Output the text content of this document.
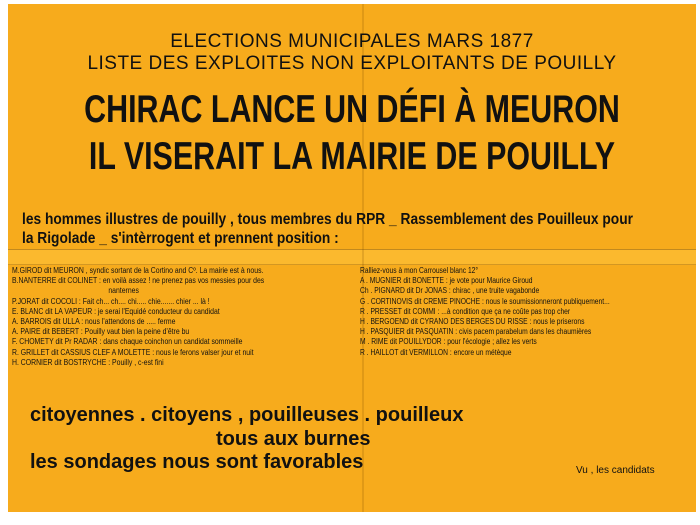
ELECTIONS MUNICIPALES MARS 1877
LISTE DES EXPLOITES NON EXPLOITANTS DE POUILLY
CHIRAC LANCE UN DÉFI À MEURON
IL VISERAIT LA MAIRIE DE POUILLY
les hommes illustres de pouilly , tous membres du RPR _ Rassemblement des Pouilleux pour
la Rigolade _ s'intèrrogent et prennent position :
M.GIROD dit MEURON , syndic sortant de la Cortino and Cº. La mairie est à nous.
B.NANTERRE dit COLINET : en voilà assez ! ne prenez pas vos messies pour des
nanternes
P.JORAT dit COCOLI : Fait ch... ch.... chi..... chie....... chier ... là !
E. BLANC dit LA VAPEUR : je serai l'Equidé conducteur du candidat
A. BARROIS dit ULLA : nous l'attendons de ..... ferme
A. PAIRE dit BEBERT : Pouilly vaut bien la peine d'être bu
F. CHOMETY dit Pr RADAR : dans chaque coinchon un candidat sommeille
R. GRILLET dit CASSIUS CLEF A MOLETTE : nous le ferons valser jour et nuit
H. CORNIER dit BOSTRYCHE : Pouilly , c-est fini
Ralliez-vous à mon Carrousel blanc 12°
A . MUGNIER dit BONETTE : je vote pour Maurice Giroud
Ch . PIGNARD dit Dr JONAS : chirac , une truite vagabonde
G . CORTINOVIS dit CREME PINOCHE : nous le soumissionneront publiquement...
R . PRESSET dit COMMI : ...à condition que ça ne coûte pas trop cher
H . BERGOEND dit CYRANO DES BERGES DU RISSE : nous le priserons
H . PASQUIER dit PASQUATIN : civis pacem parabelum dans les chaumières
M . RIME dit POUILLYDOR : pour l'écologie ; allez les verts
R . HAILLOT dit VERMILLON : encore un métèque
citoyennes . citoyens , pouilleuses . pouilleux
tous aux burnes
les sondages nous sont favorables	Vu , les candidats
